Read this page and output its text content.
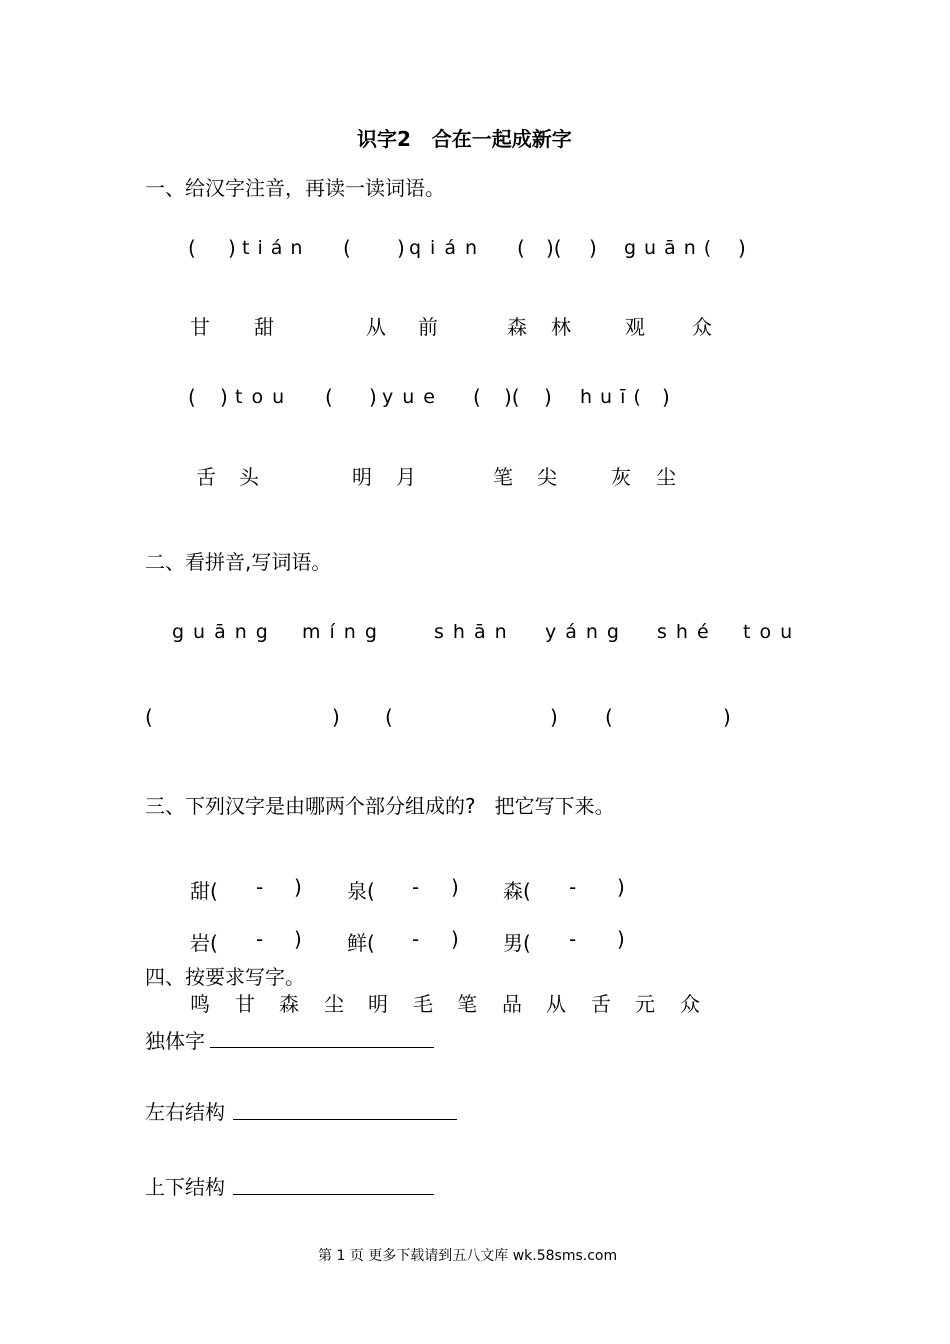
识字2   合在一起成新字
一、给汉字注音，再读一读词语。
( ) tián ( ) qián ( )( ) guān( )
甘 甜	从 前	森 林	观 众
( ) tou ( ) yue ( )( ) huī( )
舌 头	明 月	笔 尖	灰 尘
二、看拼音,写词语。
guāng míng	shān yáng shé tou
(	) (	) (	)
三、下列汉字是由哪两个部分组成的?   把它写下来。
甜( - ) 泉( - ) 森( - )
岩( - ) 鲜( - ) 男( - )
四、按要求写字。
鸣 甘 森 尘 明 毛 笔 品 从 舌 元 众
独体字
左右结构
上下结构
第 1 页 更多下载请到五八文库 wk.58sms.com
